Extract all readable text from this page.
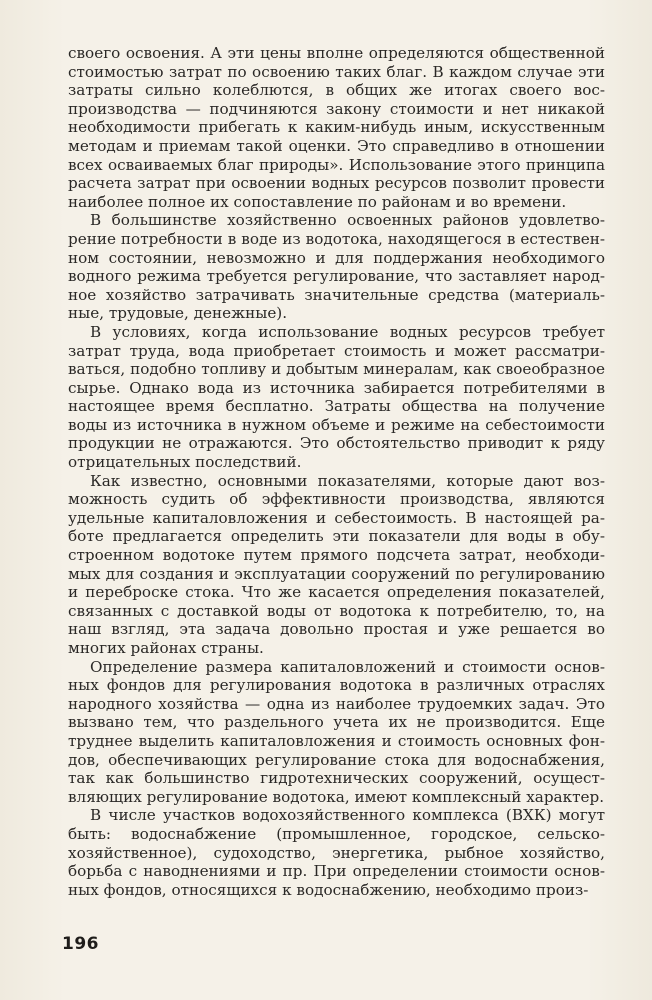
своего освоения. А эти цены вполне определяются общественной стоимостью затрат по освоению таких благ. В каждом случае эти затраты сильно колеблются, в общих же итогах своего воспроизводства — подчиняются закону стоимости и нет никакой необходимости прибегать к каким-нибудь иным, искусственным методам и приемам такой оценки. Это справедливо в отношении всех осваиваемых благ природы». Использование этого принципа расчета затрат при освоении водных ресурсов позволит провести наиболее полное их сопоставление по районам и во времени.

В большинстве хозяйственно освоенных районов удовлетворение потребности в воде из водотока, находящегося в естественном состоянии, невозможно и для поддержания необходимого водного режима требуется регулирование, что заставляет народное хозяйство затрачивать значительные средства (материальные, трудовые, денежные).

В условиях, когда использование водных ресурсов требует затрат труда, вода приобретает стоимость и может рассматриваться, подобно топливу и добытым минералам, как своеобразное сырье. Однако вода из источника забирается потребителями в настоящее время бесплатно. Затраты общества на получение воды из источника в нужном объеме и режиме на себестоимости продукции не отражаются. Это обстоятельство приводит к ряду отрицательных последствий.

Как известно, основными показателями, которые дают возможность судить об эффективности производства, являются удельные капиталовложения и себестоимость. В настоящей работе предлагается определить эти показатели для воды в обустроенном водотоке путем прямого подсчета затрат, необходимых для создания и эксплуатации сооружений по регулированию и переброске стока. Что же касается определения показателей, связанных с доставкой воды от водотока к потребителю, то, на наш взгляд, эта задача довольно простая и уже решается во многих районах страны.

Определение размера капиталовложений и стоимости основных фондов для регулирования водотока в различных отраслях народного хозяйства — одна из наиболее трудоемких задач. Это вызвано тем, что раздельного учета их не производится. Еще труднее выделить капиталовложения и стоимость основных фондов, обеспечивающих регулирование стока для водоснабжения, так как большинство гидротехнических сооружений, осуществляющих регулирование водотока, имеют комплексный характер.

В числе участков водохозяйственного комплекса (ВХК) могут быть: водоснабжение (промышленное, городское, сельскохозяйственное), судоходство, энергетика, рыбное хозяйство, борьба с наводнениями и пр. При определении стоимости основных фондов, относящихся к водоснабжению, необходимо произ-

196
